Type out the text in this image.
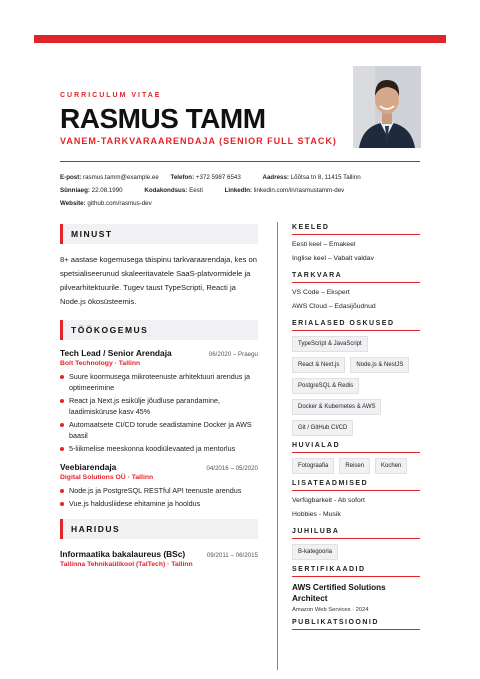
CURRICULUM VITAE
RASMUS TAMM
VANEM-TARKVARAARENDAJA (SENIOR FULL STACK)
E-post: rasmus.tamm@example.ee Telefon: +372 5987 6543	Aadress: Lõõtsa tn 8, 11415 Tallinn
Sünniaeg: 22.08.1990	Kodakondsus: Eesti	LinkedIn: linkedin.com/in/rasmustamm-dev
Website: github.com/rasmus-dev
MINUST
8+ aastase kogemusega täispinu tarkvaraarendaja, kes on spetsialiseerunud skaleeritavatele SaaS-platvormidele ja pilvearhitektuurile. Tugev taust TypeScripti, Reacti ja Node.js ökosüsteemis.
TÖÖKOGEMUS
Tech Lead / Senior Arendaja	06/2020 – Praegu
Bolt Technology · Tallinn
Suure koormusega mikroteenuste arhitektuuri arendus ja optimeerimine
React ja Next.js esikülje jõudluse parandamine, laadimisküruse kasv 45%
Automaatsete CI/CD torude seadistamine Docker ja AWS baasil
5-liikmelise meeskonna koodiülevaated ja mentorlus
Veebiarendaja	04/2016 – 05/2020
Digital Solutions OÜ · Tallinn
Node.js ja PostgreSQL RESTful API teenuste arendus
Vue.js haldusliidese ehitamine ja hooldus
HARIDUS
Informaatika bakalaureus (BSc)	09/2011 – 06/2015
Tallinna Tehnikaülikool (TalTech) · Tallinn
KEELED
Eesti keel – Emakeel
Inglise keel – Vabalt valdav
TARKVARA
VS Code – Ekspert
AWS Cloud – Edasijõudnud
ERIALASED OSKUSED
TypeScript & JavaScript
React & Next.js	Node.js & NestJS
PostgreSQL & Redis
Docker & Kubernetes & AWS
Git / GitHub CI/CD
HUVIALAD
Fotograafia	Reisen	Kochen
LISATEADMISED
Verfügbarkeit - Ab sofort
Hobbies - Musik
JUHILUBA
B-kategooria
SERTIFIKAADID
AWS Certified Solutions Architect
Amazon Web Services · 2024
PUBLIKATSIOONID
